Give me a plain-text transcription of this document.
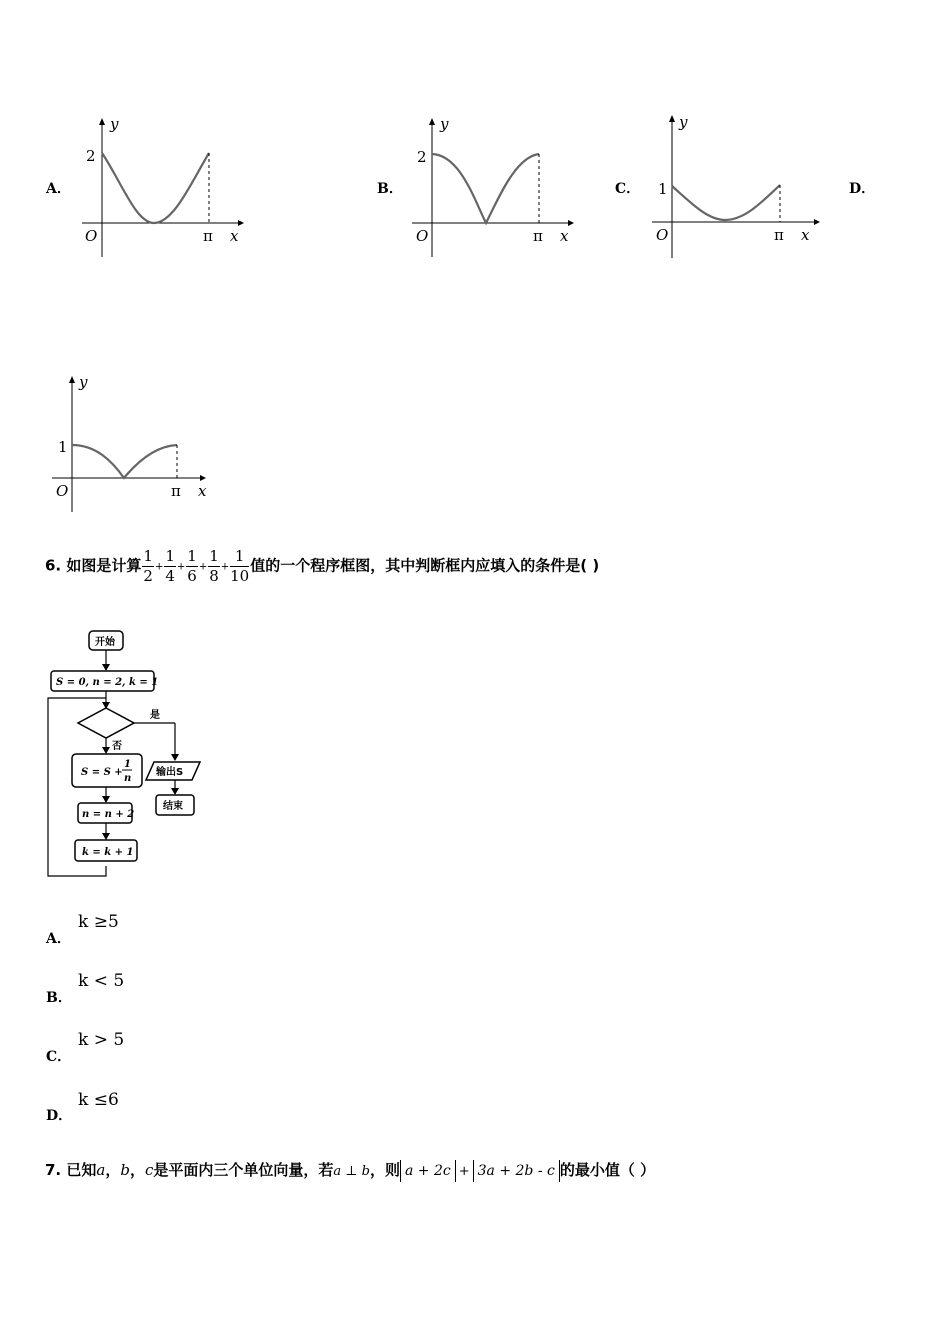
A．
y
2
O	π x
B．
y
2
O	π x
C．
y
1
O	π x
D．
y
1
O	π x
6. 如图是计算 $\frac{1}{2} + \frac{1}{4} + \frac{1}{6} + \frac{1}{8} + \frac{1}{10}$ 值的一个程序框图，其中判断框内应填入的条件是( )
开始
S = 0, n = 2, k = 1
是
否
S = S +
1
n
输出S
结束
n = n + 2
k = k + 1
A．
k ≥5
B．
k < 5
C．
k > 5
D．
k ≤6
7. 已知a，b，c是平面内三个单位向量，若a ⊥ b，则 a + 2c + 3a + 2b - c 的最小值（ ）
